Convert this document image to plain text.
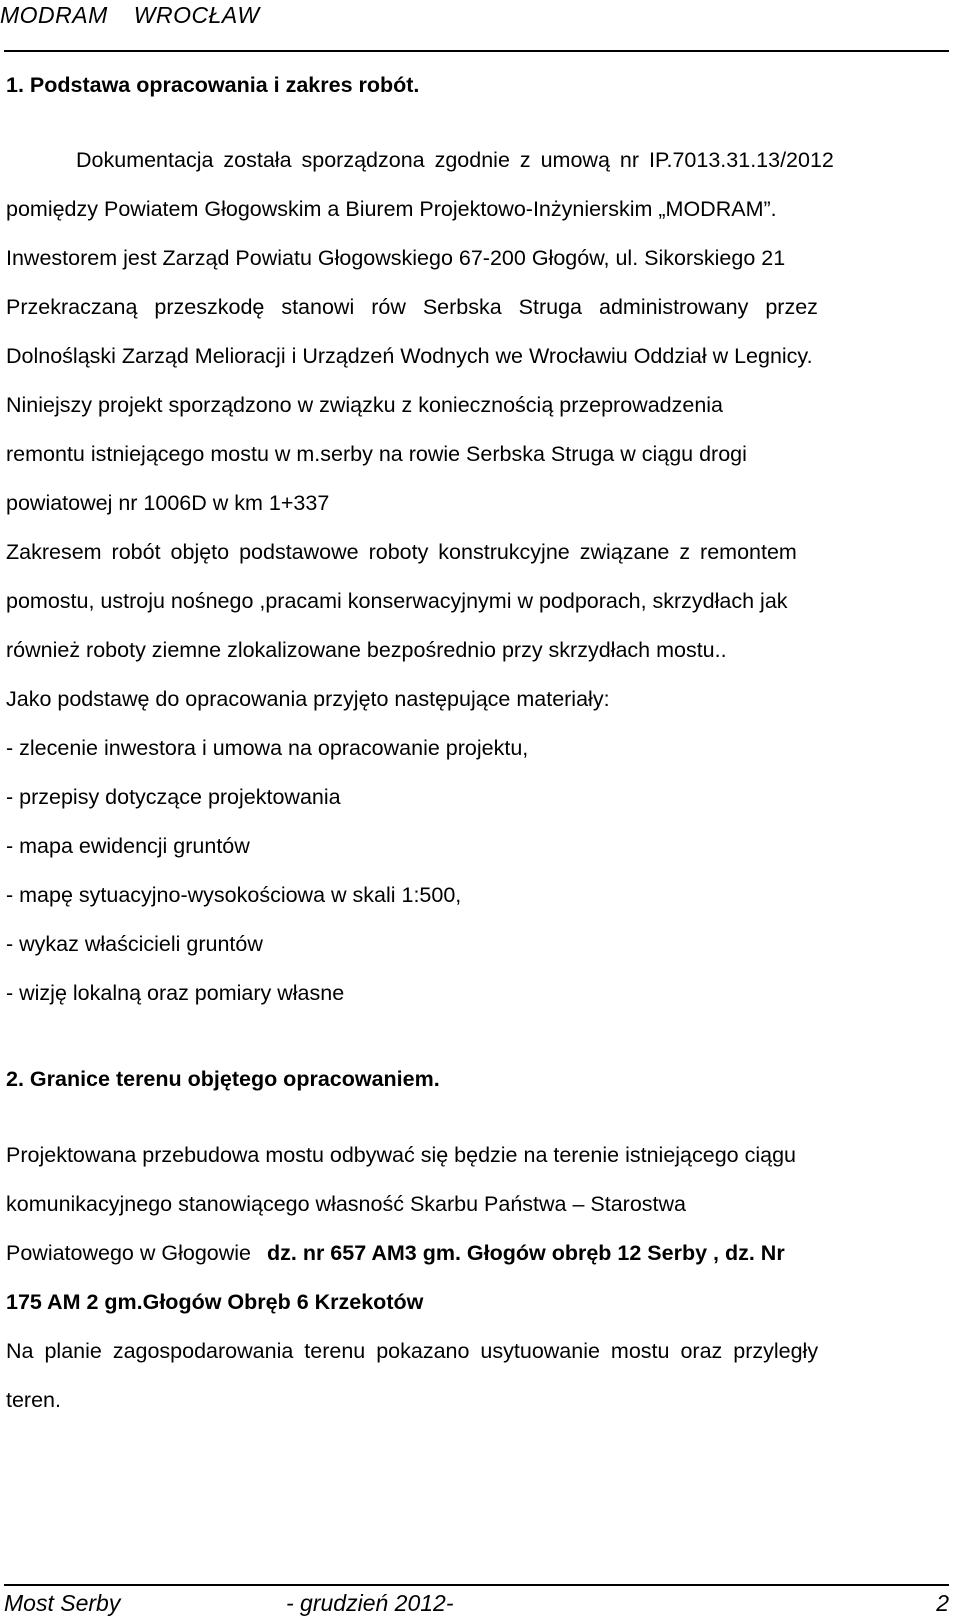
MODRAM WROCŁAW
1. Podstawa opracowania i zakres robót.
Dokumentacja została sporządzona zgodnie z umową nr IP.7013.31.13/2012
pomiędzy Powiatem Głogowskim a Biurem Projektowo-Inżynierskim „MODRAM”.
Inwestorem jest Zarząd Powiatu Głogowskiego 67-200 Głogów, ul. Sikorskiego 21
Przekraczaną przeszkodę stanowi rów Serbska Struga administrowany przez
Dolnośląski Zarząd Melioracji i Urządzeń Wodnych we Wrocławiu Oddział w Legnicy.
Niniejszy projekt sporządzono w związku z koniecznością przeprowadzenia
remontu istniejącego mostu w m.serby na rowie Serbska Struga w ciągu drogi
powiatowej nr 1006D w km 1+337
Zakresem robót objęto podstawowe roboty konstrukcyjne związane z remontem
pomostu, ustroju nośnego ,pracami konserwacyjnymi w podporach, skrzydłach jak
również roboty ziemne zlokalizowane bezpośrednio przy skrzydłach mostu..
Jako podstawę do opracowania przyjęto następujące materiały:
- zlecenie inwestora i umowa na opracowanie projektu,
- przepisy dotyczące projektowania
- mapa ewidencji gruntów
- mapę sytuacyjno-wysokościowa w skali 1:500,
- wykaz właścicieli gruntów
- wizję lokalną oraz pomiary własne
2. Granice terenu objętego opracowaniem.
Projektowana przebudowa mostu odbywać się będzie na terenie istniejącego ciągu
komunikacyjnego stanowiącego własność Skarbu Państwa – Starostwa
Powiatowego w Głogowie dz. nr 657 AM3 gm. Głogów obręb 12 Serby , dz. Nr
175 AM 2 gm.Głogów Obręb 6 Krzekotów
Na planie zagospodarowania terenu pokazano usytuowanie mostu oraz przyległy
teren.
Most Serby	- grudzień 2012-	2
